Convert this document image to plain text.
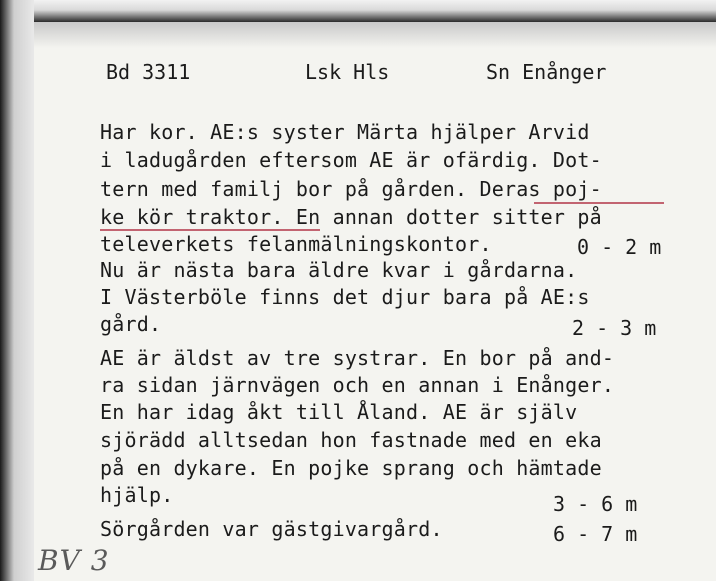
Bd 3311	Lsk Hls	Sn Enånger
Har kor. AE:s syster Märta hjälper Arvid
i ladugården eftersom AE är ofärdig. Dot-
tern med familj bor på gården. Deras poj-
ke kör traktor. En annan dotter sitter på
televerkets felanmälningskontor.
Nu är nästa bara äldre kvar i gårdarna.
I Västerböle finns det djur bara på AE:s
gård.
AE är äldst av tre systrar. En bor på and-
ra sidan järnvägen och en annan i Enånger.
En har idag åkt till Åland. AE är själv
sjörädd alltsedan hon fastnade med en eka
på en dykare. En pojke sprang och hämtade
hjälp.
Sörgården var gästgivargård.
0 - 2 m
2 - 3 m
3 - 6 m
6 - 7 m
BV 3
